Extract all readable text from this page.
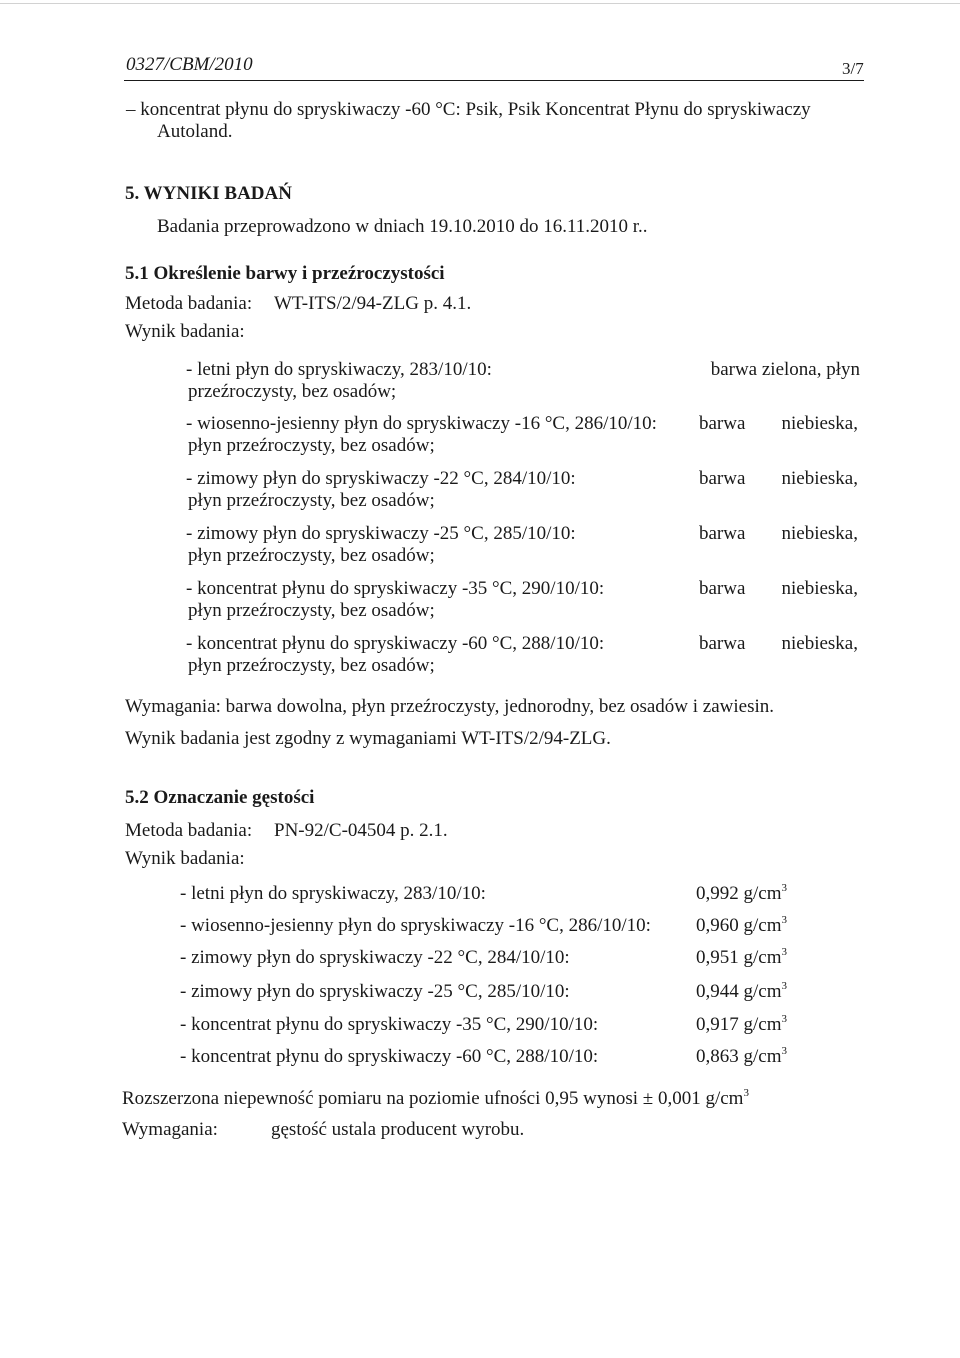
0327/CBM/2010	3/7
– koncentrat płynu do spryskiwaczy -60 °C: Psik, Psik Koncentrat Płynu do spryskiwaczy
Autoland.
5. WYNIKI BADAŃ
Badania przeprowadzono w dniach 19.10.2010 do 16.11.2010 r..
5.1 Określenie barwy i przeźroczystości
Metoda badania: WT-ITS/2/94-ZLG p. 4.1.
Wynik badania:
- letni płyn do spryskiwaczy, 283/10/10:	barwa zielona, płyn
przeźroczysty, bez osadów;
- wiosenno-jesienny płyn do spryskiwaczy -16 °C, 286/10/10: barwa niebieska,
płyn przeźroczysty, bez osadów;
- zimowy płyn do spryskiwaczy -22 °C, 284/10/10:	barwa niebieska,
płyn przeźroczysty, bez osadów;
- zimowy płyn do spryskiwaczy -25 °C, 285/10/10:	barwa niebieska,
płyn przeźroczysty, bez osadów;
- koncentrat płynu do spryskiwaczy -35 °C, 290/10/10:	barwa niebieska,
płyn przeźroczysty, bez osadów;
- koncentrat płynu do spryskiwaczy -60 °C, 288/10/10:	barwa niebieska,
płyn przeźroczysty, bez osadów;
Wymagania: barwa dowolna, płyn przeźroczysty, jednorodny, bez osadów i zawiesin.
Wynik badania jest zgodny z wymaganiami WT-ITS/2/94-ZLG.
5.2 Oznaczanie gęstości
Metoda badania: PN-92/C-04504 p. 2.1.
Wynik badania:
- letni płyn do spryskiwaczy, 283/10/10:	0,992 $g/cm^3$
- wiosenno-jesienny płyn do spryskiwaczy -16 °C, 286/10/10: 0,960 $g/cm^3$
- zimowy płyn do spryskiwaczy -22 °C, 284/10/10:	0,951 $g/cm^3$
- zimowy płyn do spryskiwaczy -25 °C, 285/10/10:	0,944 $g/cm^3$
- koncentrat płynu do spryskiwaczy -35 °C, 290/10/10:	0,917 $g/cm^3$
- koncentrat płynu do spryskiwaczy -60 °C, 288/10/10:	0,863 $g/cm^3$
Rozszerzona niepewność pomiaru na poziomie ufności 0,95 wynosi ± 0,001 $g/cm^3$
Wymagania:	gęstość ustala producent wyrobu.
